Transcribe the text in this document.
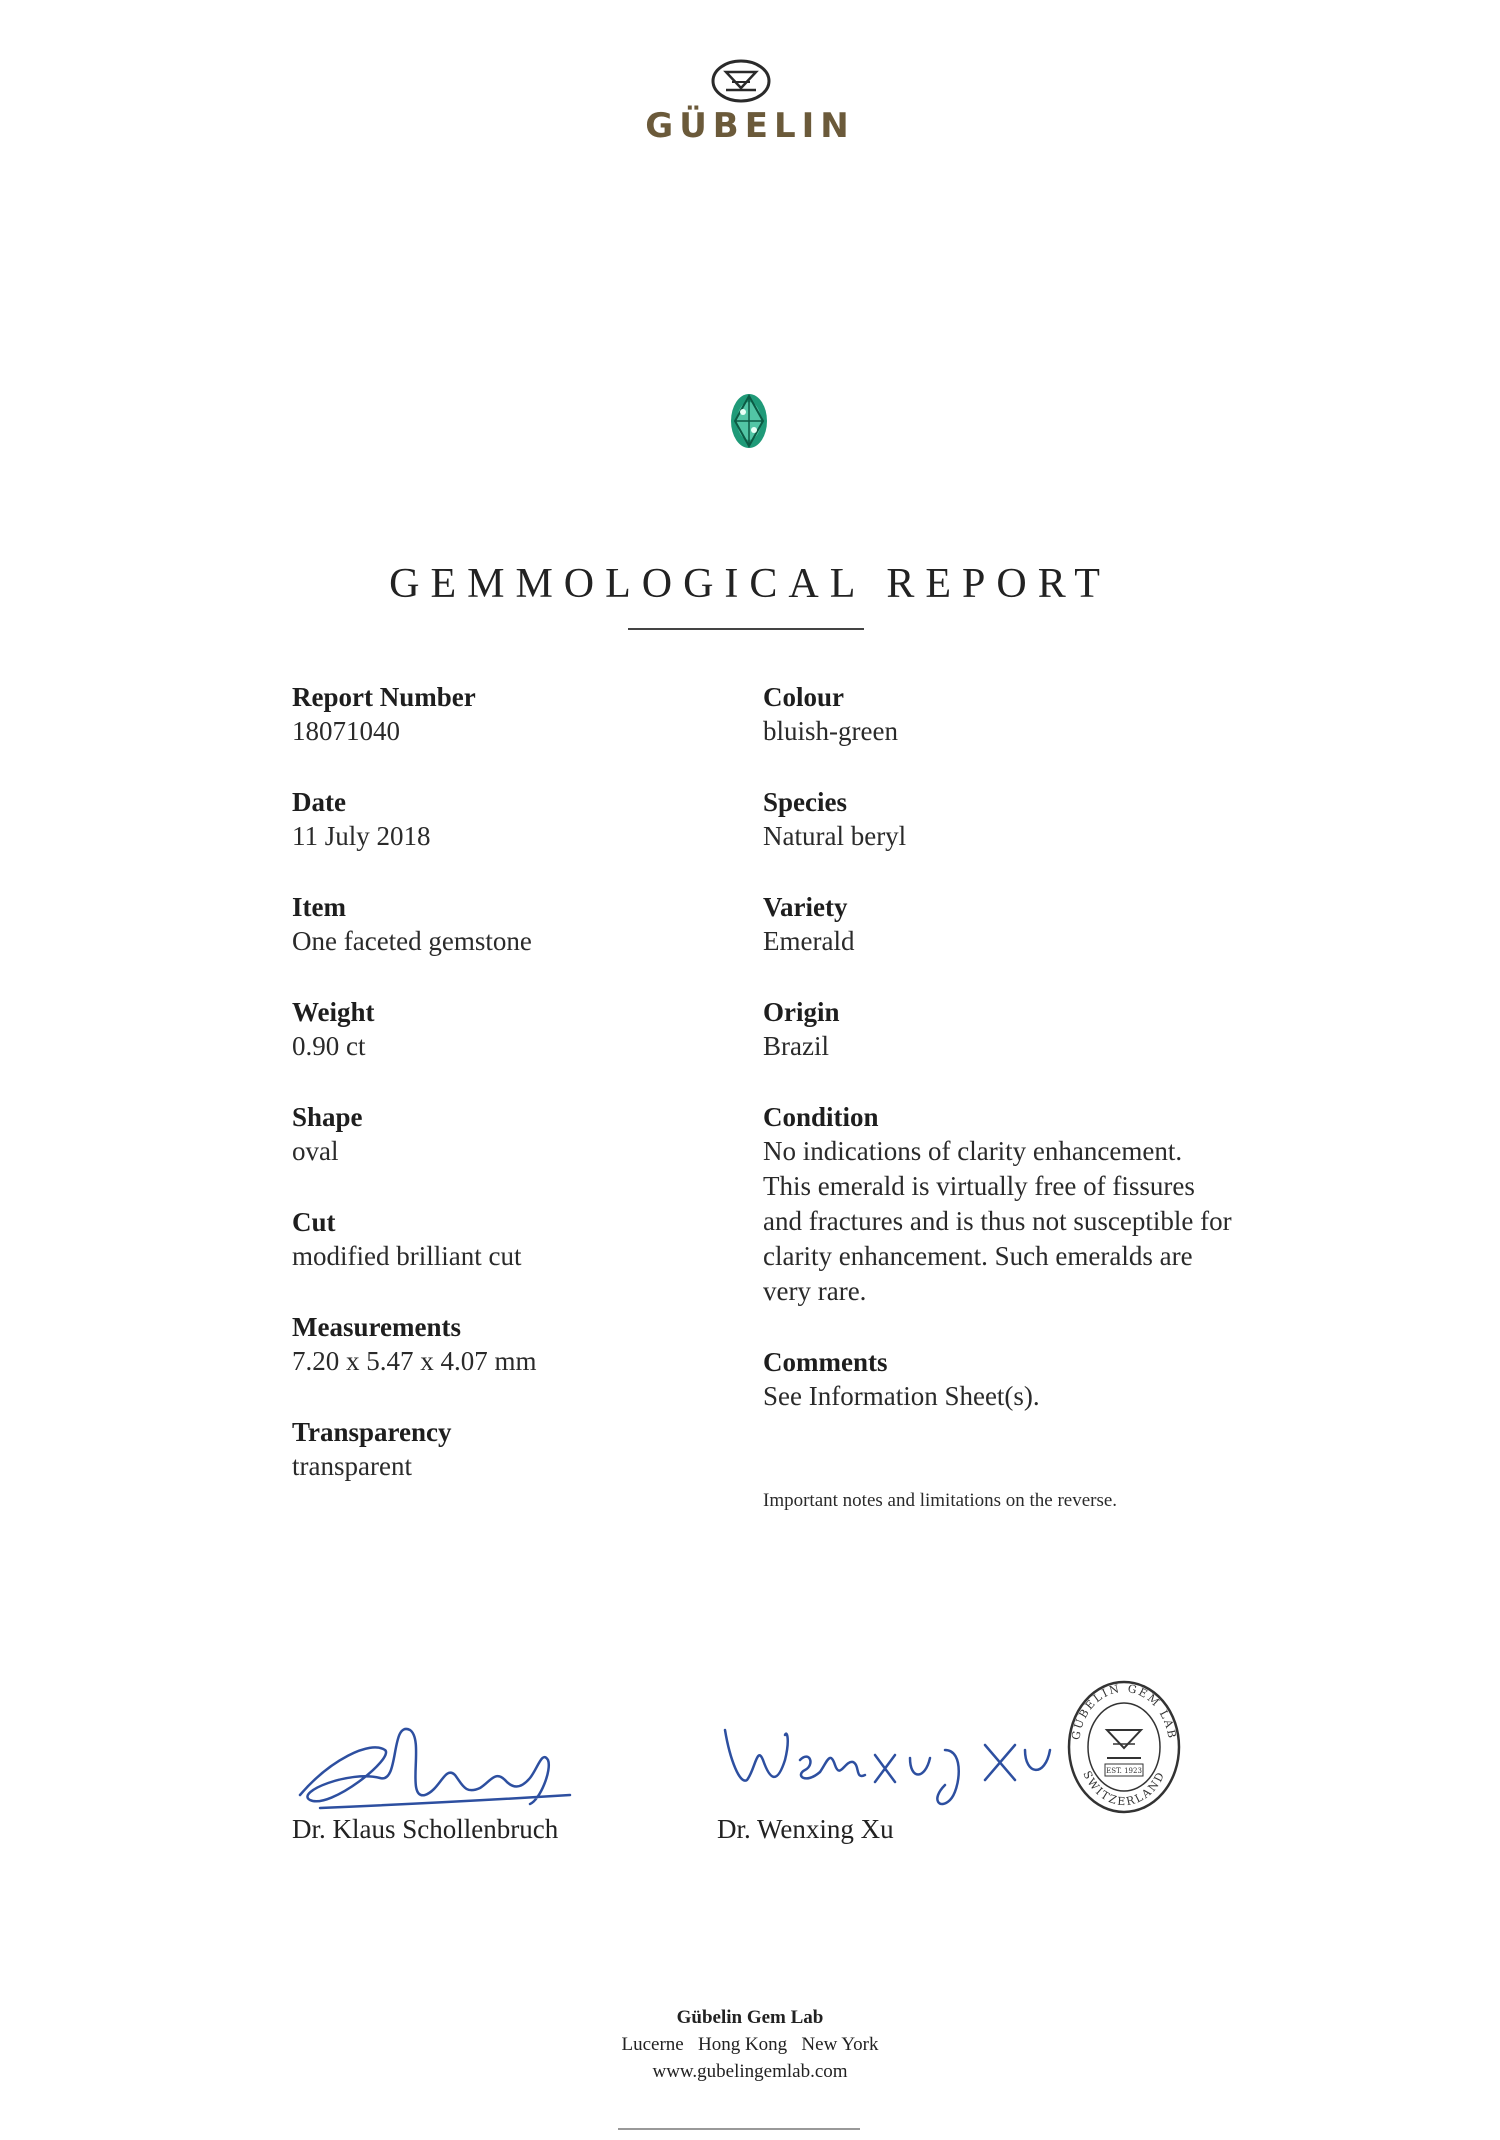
GÜBELIN
GEMMOLOGICAL REPORT
Report Number
18071040
Date
11 July 2018
Item
One faceted gemstone
Weight
0.90 ct
Shape
oval
Cut
modified brilliant cut
Measurements
7.20 x 5.47 x 4.07 mm
Transparency
transparent
Colour
bluish-green
Species
Natural beryl
Variety
Emerald
Origin
Brazil
Condition
No indications of clarity enhancement. This emerald is virtually free of fissures and fractures and is thus not susceptible for clarity enhancement. Such emeralds are very rare.
Comments
See Information Sheet(s).
Important notes and limitations on the reverse.
Dr. Klaus Schollenbruch	Dr. Wenxing Xu
GÜBELIN GEM LAB
SWITZERLAND
EST. 1923
Gübelin Gem Lab
Lucerne   Hong Kong   New York
www.gubelingemlab.com
